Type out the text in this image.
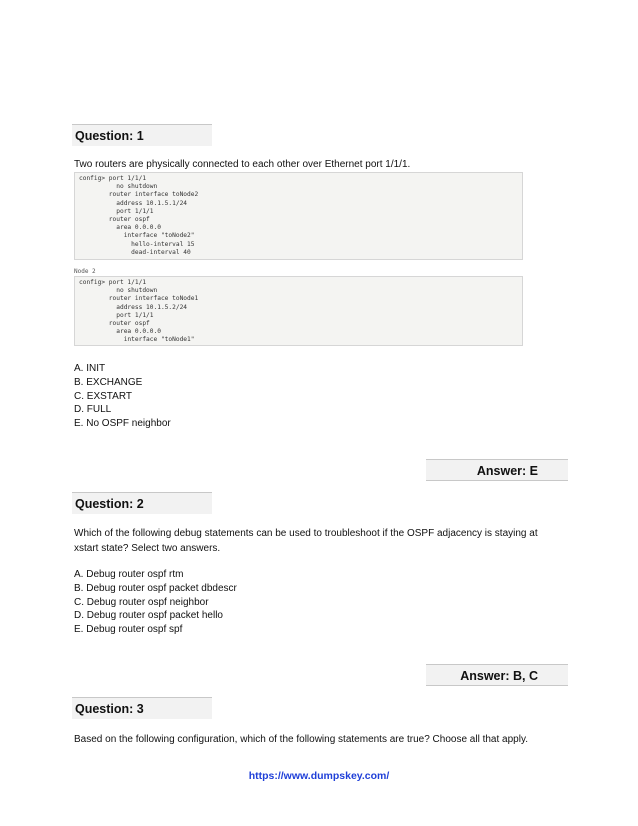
Question: 1
Two routers are physically connected to each other over Ethernet port 1/1/1.
config> port 1/1/1
no shutdown
router interface toNode2
address 10.1.5.1/24
port 1/1/1
router ospf
area 0.0.0.0
interface "toNode2"
hello-interval 15
dead-interval 40
Node 2
config> port 1/1/1
no shutdown
router interface toNode1
address 10.1.5.2/24
port 1/1/1
router ospf
area 0.0.0.0
interface "toNode1"
A. INIT
B. EXCHANGE
C. EXSTART
D. FULL
E. No OSPF neighbor
Answer: E
Question: 2
Which of the following debug statements can be used to troubleshoot if the OSPF adjacency is staying at
xstart state? Select two answers.
A. Debug router ospf rtm
B. Debug router ospf packet dbdescr
C. Debug router ospf neighbor
D. Debug router ospf packet hello
E. Debug router ospf spf
Answer: B, C
Question: 3
Based on the following configuration, which of the following statements are true? Choose all that apply.
https://www.dumpskey.com/
